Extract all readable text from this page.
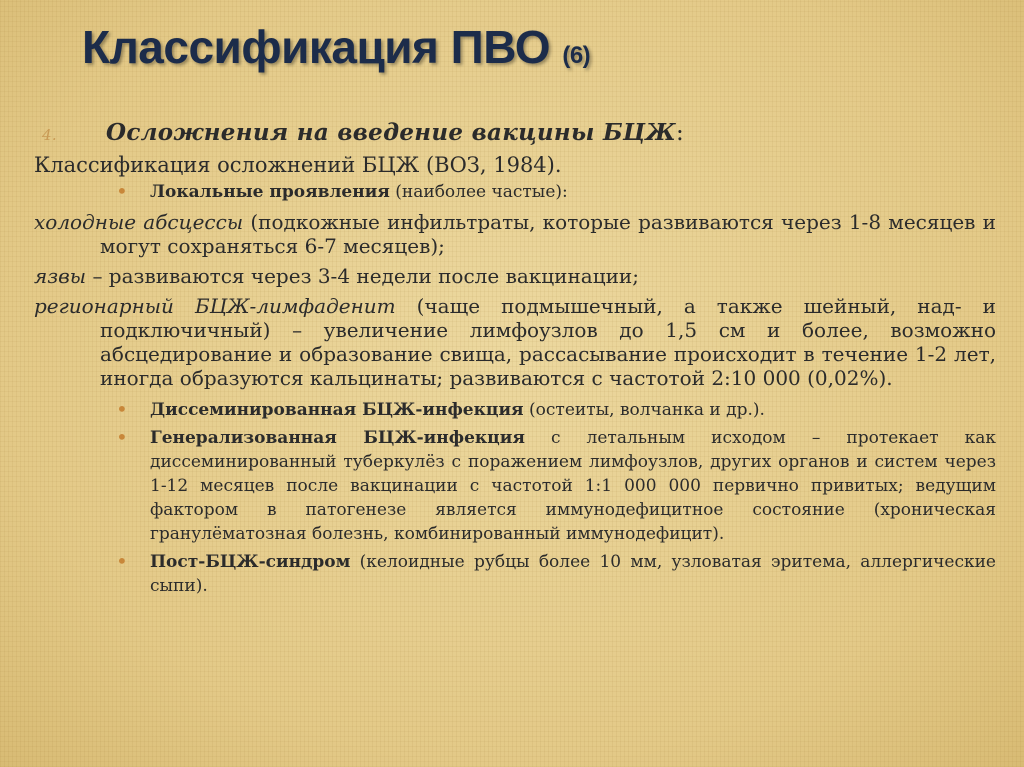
Классификация ПВО (6)
4. Осложнения на введение вакцины БЦЖ:
Классификация осложнений БЦЖ (ВОЗ, 1984).
• Локальные проявления (наиболее частые):
холодные абсцессы (подкожные инфильтраты, которые развиваются через 1-8 месяцев и могут сохраняться 6-7 месяцев);
язвы – развиваются через 3-4 недели после вакцинации;
регионарный БЦЖ-лимфаденит (чаще подмышечный, а также шейный, над- и подключичный) – увеличение лимфоузлов до 1,5 см и более, возможно абсцедирование и образование свища, рассасывание происходит в течение 1-2 лет, иногда образуются кальцинаты; развиваются с частотой 2:10 000 (0,02%).
• Диссеминированная БЦЖ-инфекция (остеиты, волчанка и др.).
• Генерализованная БЦЖ-инфекция с летальным исходом – протекает как диссеминированный туберкулёз с поражением лимфоузлов, других органов и систем через 1-12 месяцев после вакцинации с частотой 1:1 000 000 первично привитых; ведущим фактором в патогенезе является иммунодефицитное состояние (хроническая гранулёматозная болезнь, комбинированный иммунодефицит).
• Пост-БЦЖ-синдром (келоидные рубцы более 10 мм, узловатая эритема, аллергические сыпи).
